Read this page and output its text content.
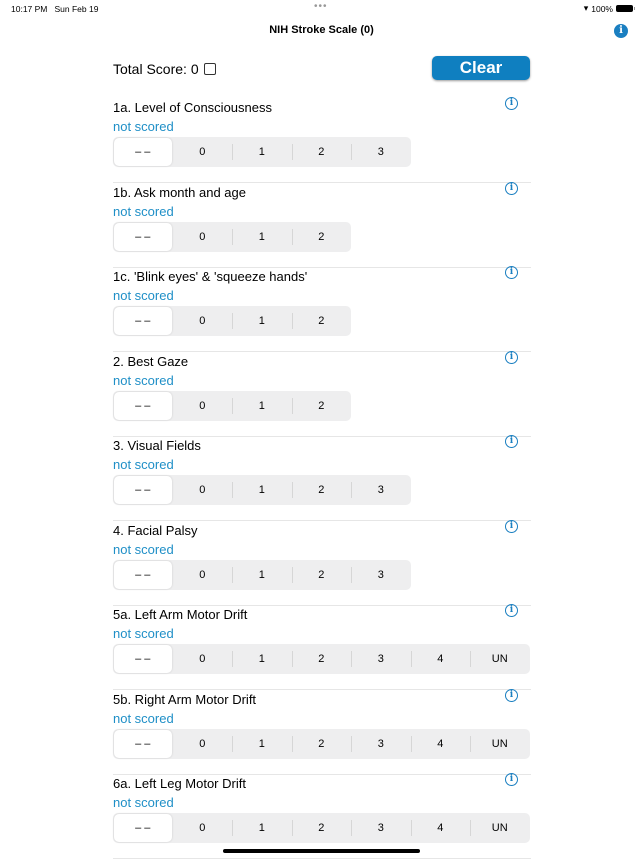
10:17 PM Sun Feb 19	•••	▾ 100%
NIH Stroke Scale (0)	i
Total Score: 0	Clear
1a. Level of Consciousness	i
not scored
– –	0	1	2	3
1b. Ask month and age	i
not scored
– –	0	1	2
1c. 'Blink eyes' & 'squeeze hands'	i
not scored
– –	0	1	2
2. Best Gaze	i
not scored
– –	0	1	2
3. Visual Fields	i
not scored
– –	0	1	2	3
4. Facial Palsy	i
not scored
– –	0	1	2	3
5a. Left Arm Motor Drift	i
not scored
– –	0	1	2	3	4	UN
5b. Right Arm Motor Drift	i
not scored
– –	0	1	2	3	4	UN
6a. Left Leg Motor Drift	i
not scored
– –	0	1	2	3	4	UN
